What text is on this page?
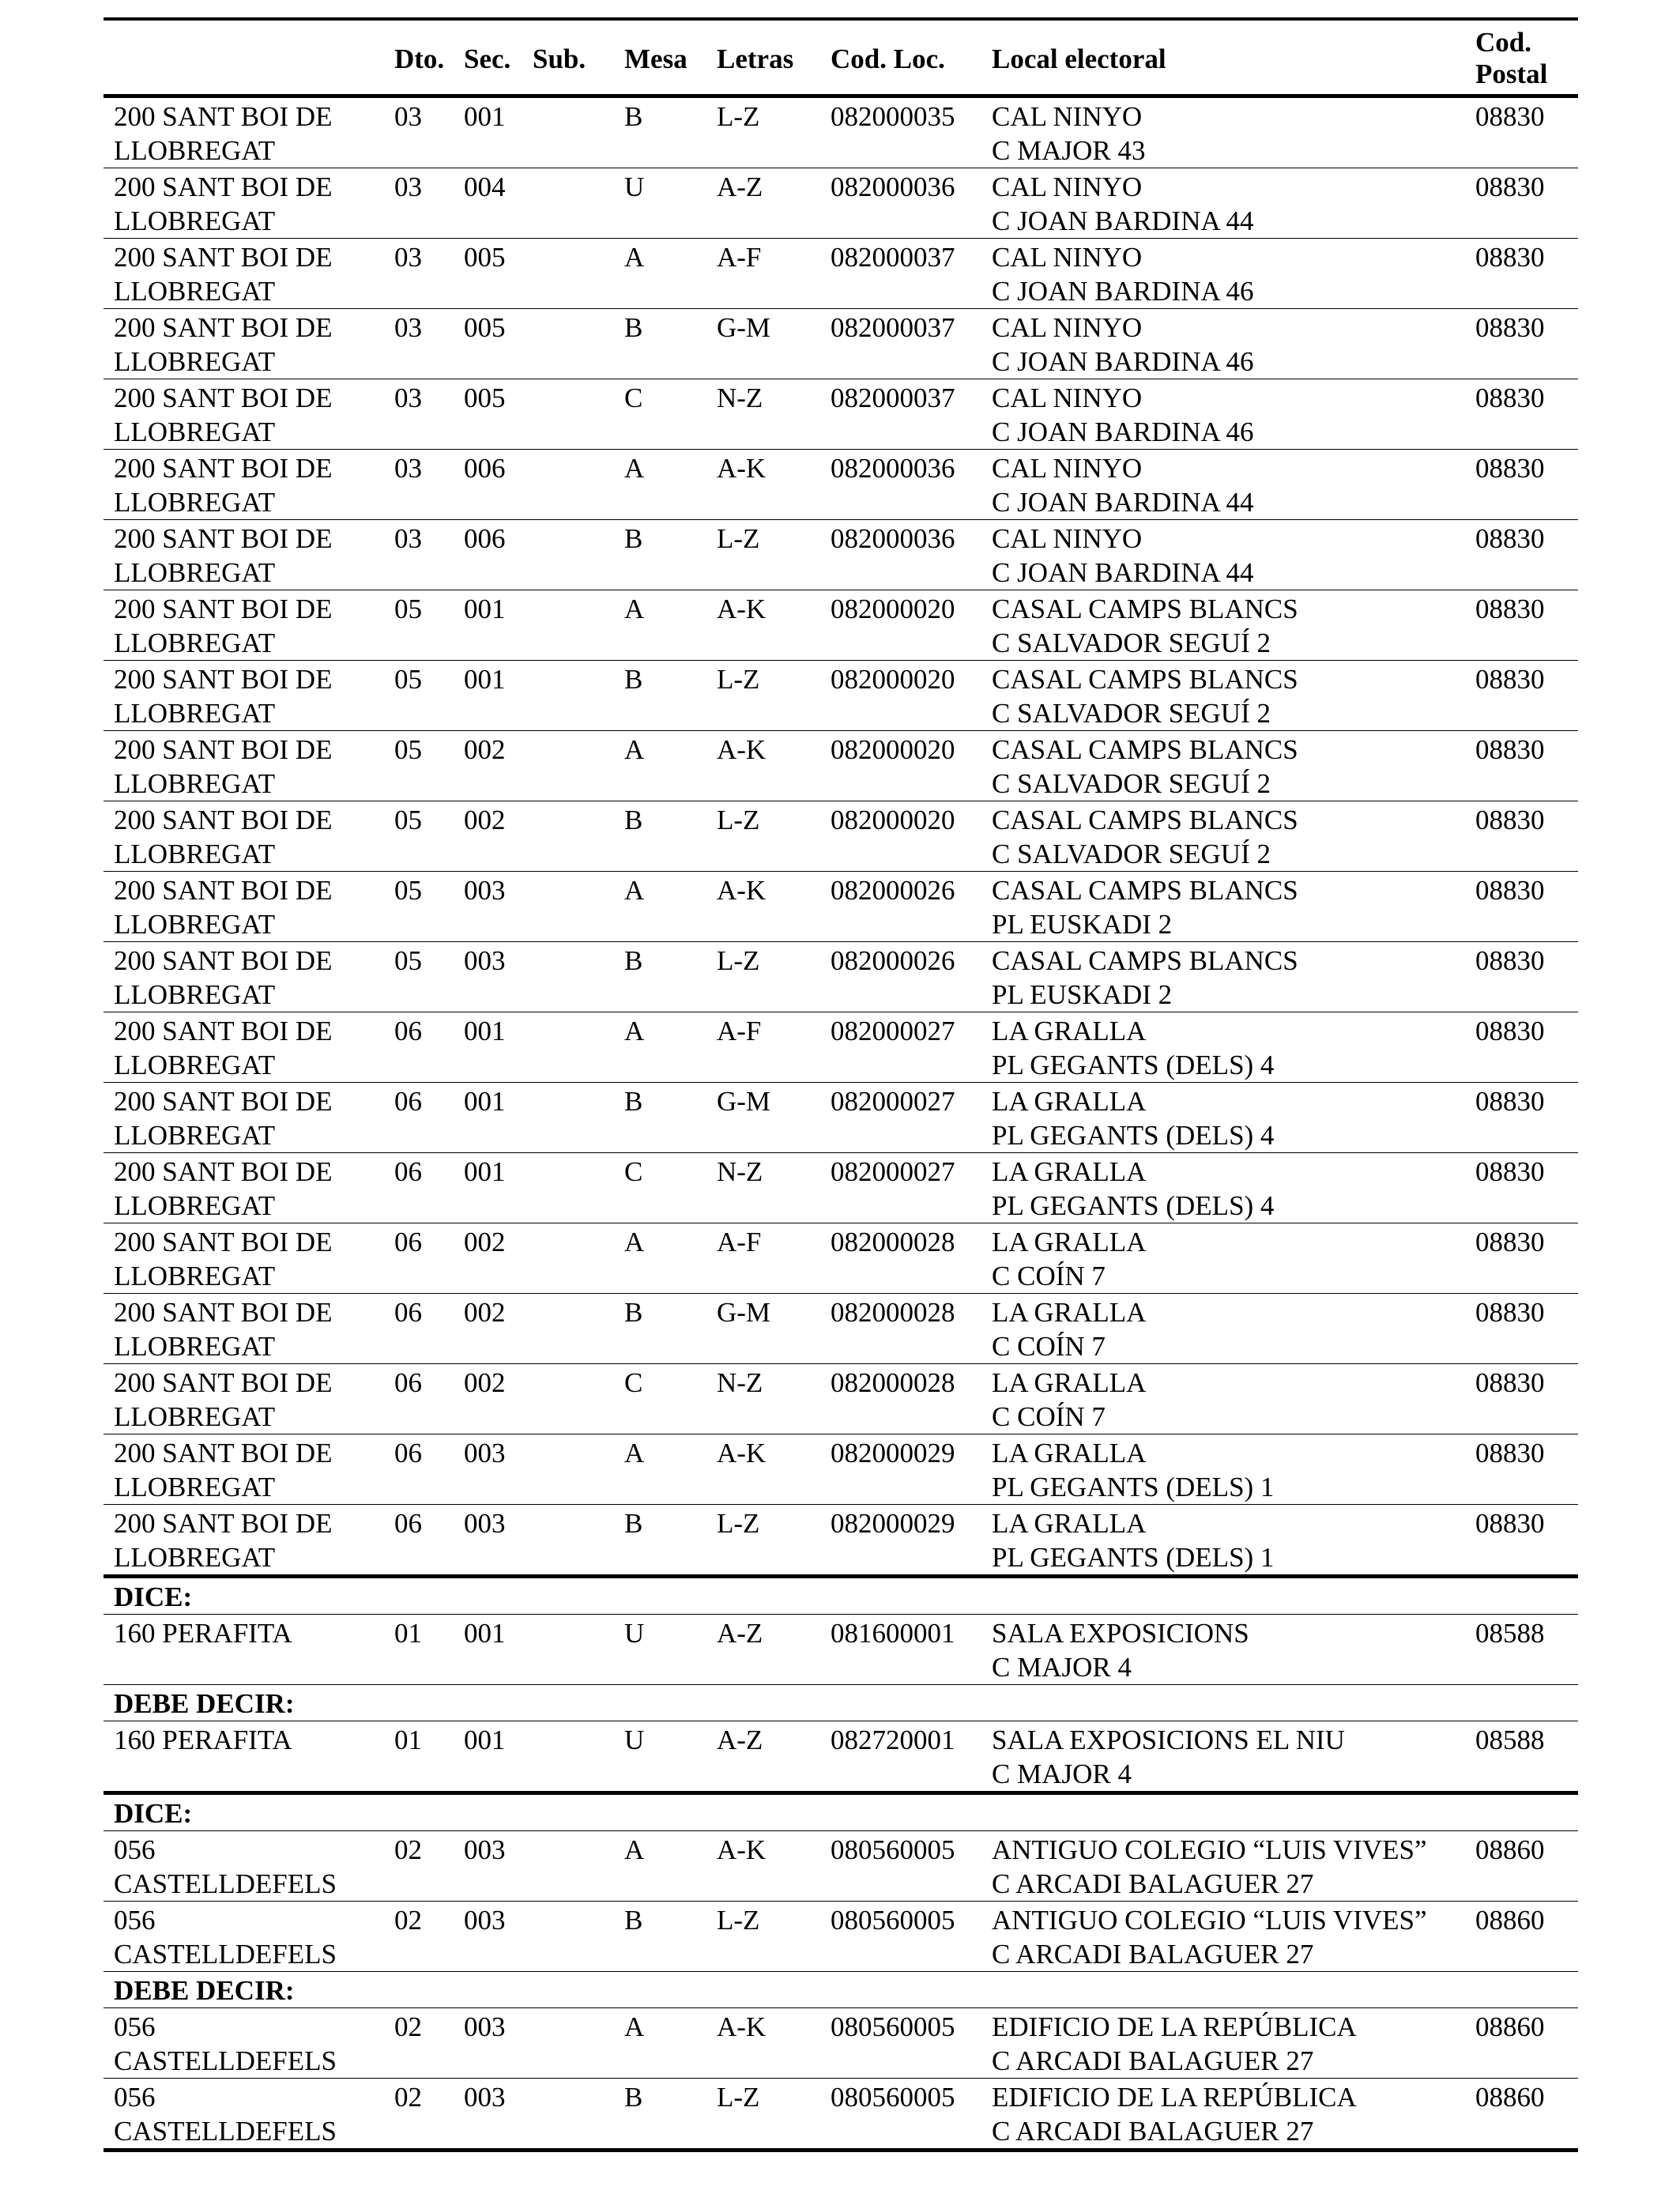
	Dto.	Sec.	Sub.	Mesa	Letras	Cod. Loc.	Local electoral	Cod.
Postal

200 SANT BOI DE
LLOBREGAT	03	001		B	L-Z	082000035	CAL NINYO
C MAJOR 43	08830

200 SANT BOI DE
LLOBREGAT	03	004		U	A-Z	082000036	CAL NINYO
C JOAN BARDINA 44	08830

200 SANT BOI DE
LLOBREGAT	03	005		A	A-F	082000037	CAL NINYO
C JOAN BARDINA 46	08830

200 SANT BOI DE
LLOBREGAT	03	005		B	G-M	082000037	CAL NINYO
C JOAN BARDINA 46	08830

200 SANT BOI DE
LLOBREGAT	03	005		C	N-Z	082000037	CAL NINYO
C JOAN BARDINA 46	08830

200 SANT BOI DE
LLOBREGAT	03	006		A	A-K	082000036	CAL NINYO
C JOAN BARDINA 44	08830

200 SANT BOI DE
LLOBREGAT	03	006		B	L-Z	082000036	CAL NINYO
C JOAN BARDINA 44	08830

200 SANT BOI DE
LLOBREGAT	05	001		A	A-K	082000020	CASAL CAMPS BLANCS
C SALVADOR SEGUÍ 2	08830

200 SANT BOI DE
LLOBREGAT	05	001		B	L-Z	082000020	CASAL CAMPS BLANCS
C SALVADOR SEGUÍ 2	08830

200 SANT BOI DE
LLOBREGAT	05	002		A	A-K	082000020	CASAL CAMPS BLANCS
C SALVADOR SEGUÍ 2	08830

200 SANT BOI DE
LLOBREGAT	05	002		B	L-Z	082000020	CASAL CAMPS BLANCS
C SALVADOR SEGUÍ 2	08830

200 SANT BOI DE
LLOBREGAT	05	003		A	A-K	082000026	CASAL CAMPS BLANCS
PL EUSKADI 2	08830

200 SANT BOI DE
LLOBREGAT	05	003		B	L-Z	082000026	CASAL CAMPS BLANCS
PL EUSKADI 2	08830

200 SANT BOI DE
LLOBREGAT	06	001		A	A-F	082000027	LA GRALLA
PL GEGANTS (DELS) 4	08830

200 SANT BOI DE
LLOBREGAT	06	001		B	G-M	082000027	LA GRALLA
PL GEGANTS (DELS) 4	08830

200 SANT BOI DE
LLOBREGAT	06	001		C	N-Z	082000027	LA GRALLA
PL GEGANTS (DELS) 4	08830

200 SANT BOI DE
LLOBREGAT	06	002		A	A-F	082000028	LA GRALLA
C COÍN 7	08830

200 SANT BOI DE
LLOBREGAT	06	002		B	G-M	082000028	LA GRALLA
C COÍN 7	08830

200 SANT BOI DE
LLOBREGAT	06	002		C	N-Z	082000028	LA GRALLA
C COÍN 7	08830

200 SANT BOI DE
LLOBREGAT	06	003		A	A-K	082000029	LA GRALLA
PL GEGANTS (DELS) 1	08830

200 SANT BOI DE
LLOBREGAT	06	003		B	L-Z	082000029	LA GRALLA
PL GEGANTS (DELS) 1	08830
DICE:								

160 PERAFITA	01	001		U	A-Z	081600001	SALA EXPOSICIONS
C MAJOR 4	08588
DEBE DECIR:								

160 PERAFITA	01	001		U	A-Z	082720001	SALA EXPOSICIONS EL NIU
C MAJOR 4	08588
DICE:								

056
CASTELLDEFELS	02	003		A	A-K	080560005	ANTIGUO COLEGIO “LUIS VIVES”
C ARCADI BALAGUER 27	08860

056
CASTELLDEFELS	02	003		B	L-Z	080560005	ANTIGUO COLEGIO “LUIS VIVES”
C ARCADI BALAGUER 27	08860
DEBE DECIR:								

056
CASTELLDEFELS	02	003		A	A-K	080560005	EDIFICIO DE LA REPÚBLICA
C ARCADI BALAGUER 27	08860

056
CASTELLDEFELS	02	003		B	L-Z	080560005	EDIFICIO DE LA REPÚBLICA
C ARCADI BALAGUER 27	08860
